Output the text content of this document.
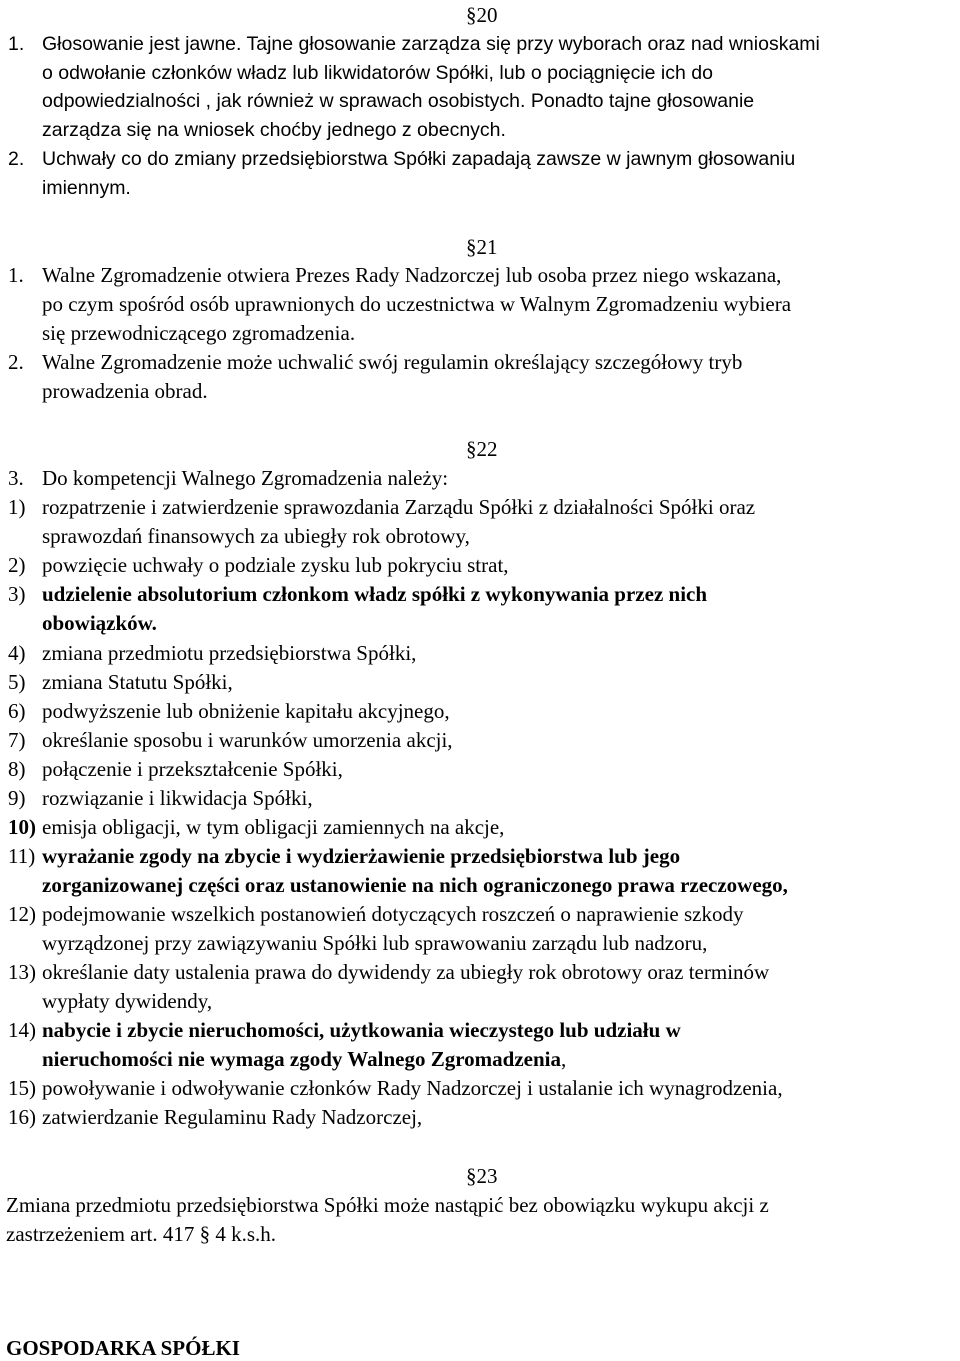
§20
1. Głosowanie jest jawne. Tajne głosowanie zarządza się przy wyborach oraz nad wnioskami
o odwołanie członków władz lub likwidatorów Spółki, lub o pociągnięcie ich do
odpowiedzialności , jak również w sprawach osobistych. Ponadto tajne głosowanie
zarządza się na wniosek choćby jednego z obecnych.
2. Uchwały co do zmiany przedsiębiorstwa Spółki zapadają zawsze w jawnym głosowaniu
imiennym.
§21
1. Walne Zgromadzenie otwiera Prezes Rady Nadzorczej lub osoba przez niego wskazana,
po czym spośród osób uprawnionych do uczestnictwa w Walnym Zgromadzeniu wybiera
się przewodniczącego zgromadzenia.
2. Walne Zgromadzenie może uchwalić swój regulamin określający szczegółowy tryb
prowadzenia obrad.
§22
3. Do kompetencji Walnego Zgromadzenia należy:
1) rozpatrzenie i zatwierdzenie sprawozdania Zarządu Spółki z działalności Spółki oraz
sprawozdań finansowych za ubiegły rok obrotowy,
2) powzięcie uchwały o podziale zysku lub pokryciu strat,
3) udzielenie absolutorium członkom władz spółki z wykonywania przez nich
obowiązków.
4) zmiana przedmiotu przedsiębiorstwa Spółki,
5) zmiana Statutu Spółki,
6) podwyższenie lub obniżenie kapitału akcyjnego,
7) określanie sposobu i warunków umorzenia akcji,
8) połączenie i przekształcenie Spółki,
9) rozwiązanie i likwidacja Spółki,
10) emisja obligacji, w tym obligacji zamiennych na akcje,
11) wyrażanie zgody na zbycie i wydzierżawienie przedsiębiorstwa lub jego
zorganizowanej części oraz ustanowienie na nich ograniczonego prawa rzeczowego,
12) podejmowanie wszelkich postanowień dotyczących roszczeń o naprawienie szkody
wyrządzonej przy zawiązywaniu Spółki lub sprawowaniu zarządu lub nadzoru,
13) określanie daty ustalenia prawa do dywidendy za ubiegły rok obrotowy oraz terminów
wypłaty dywidendy,
14) nabycie i zbycie nieruchomości, użytkowania wieczystego lub udziału w
nieruchomości nie wymaga zgody Walnego Zgromadzenia,
15) powoływanie i odwoływanie członków Rady Nadzorczej i ustalanie ich wynagrodzenia,
16) zatwierdzanie Regulaminu Rady Nadzorczej,
§23
Zmiana przedmiotu przedsiębiorstwa Spółki może nastąpić bez obowiązku wykupu akcji z
zastrzeżeniem art. 417 § 4 k.s.h.
GOSPODARKA SPÓŁKI
